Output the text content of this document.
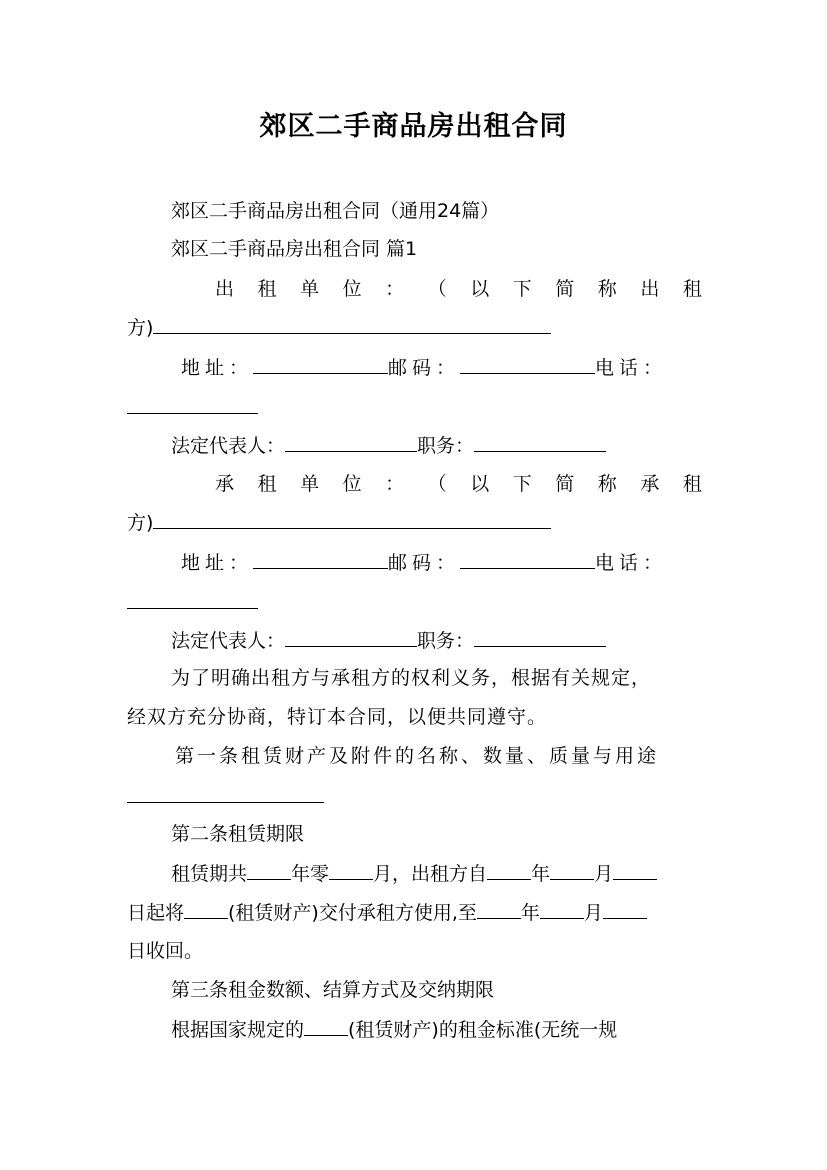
郊区二手商品房出租合同
郊区二手商品房出租合同（通用24篇）
郊区二手商品房出租合同 篇1
出 租 单 位 ： （ 以 下 简 称 出 租
方)
地址：	邮码：	电话：
法定代表人：	职务：
承 租 单 位 ： （ 以 下 简 称 承 租
方)
地址：	邮码：	电话：
法定代表人：	职务：
为了明确出租方与承租方的权利义务，根据有关规定，
经双方充分协商，特订本合同，以便共同遵守。
第一条租赁财产及附件的名称、数量、质量与用途
第二条租赁期限
租赁期共 年零 月，出租方自 年 月
日起将 (租赁财产)交付承租方使用,至 年 月
日收回。
第三条租金数额、结算方式及交纳期限
根据国家规定的 (租赁财产)的租金标准(无统一规
